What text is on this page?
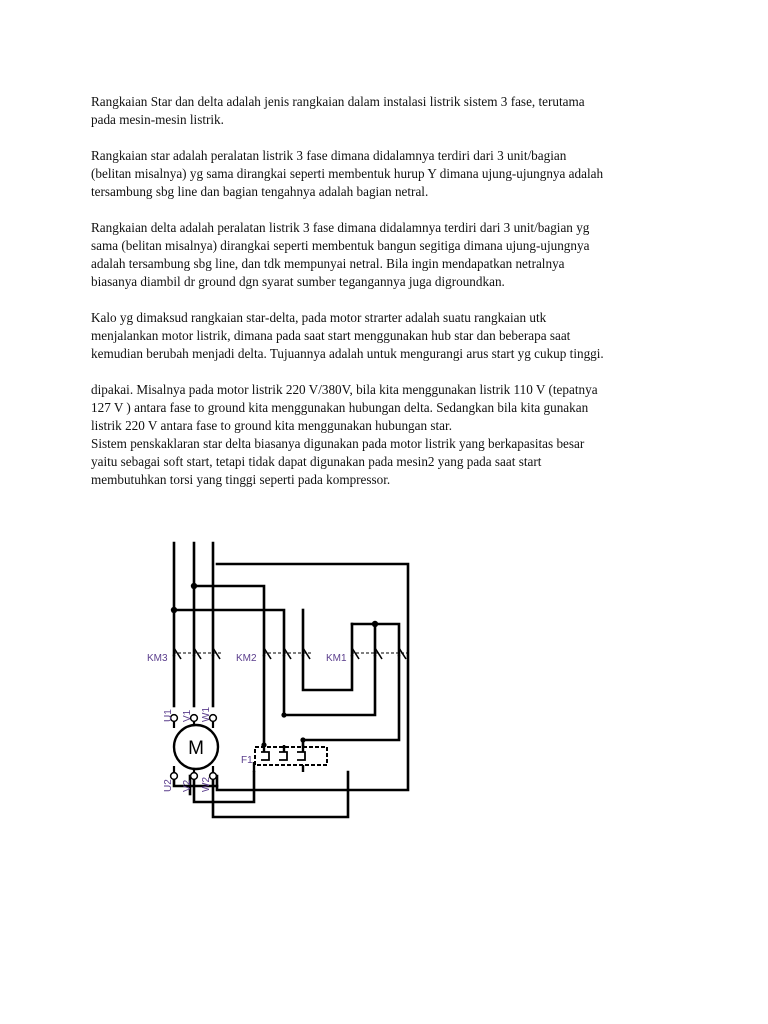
Rangkaian Star dan delta adalah jenis rangkaian dalam instalasi listrik sistem 3 fase, terutama
pada mesin-mesin listrik.

Rangkaian star adalah peralatan listrik 3 fase dimana didalamnya terdiri dari 3 unit/bagian
(belitan misalnya) yg sama dirangkai seperti membentuk hurup Y dimana ujung-ujungnya adalah
tersambung sbg line dan bagian tengahnya adalah bagian netral.

Rangkaian delta adalah peralatan listrik 3 fase dimana didalamnya terdiri dari 3 unit/bagian yg
sama (belitan misalnya) dirangkai seperti membentuk bangun segitiga dimana ujung-ujungnya
adalah tersambung sbg line, dan tdk mempunyai netral. Bila ingin mendapatkan netralnya
biasanya diambil dr ground dgn syarat sumber tegangannya juga digroundkan.

Kalo yg dimaksud rangkaian star-delta, pada motor strarter adalah suatu rangkaian utk
menjalankan motor listrik, dimana pada saat start menggunakan hub star dan beberapa saat
kemudian berubah menjadi delta. Tujuannya adalah untuk mengurangi arus start yg cukup tinggi.

dipakai. Misalnya pada motor listrik 220 V/380V, bila kita menggunakan listrik 110 V (tepatnya
127 V ) antara fase to ground kita menggunakan hubungan delta. Sedangkan bila kita gunakan
listrik 220 V antara fase to ground kita menggunakan hubungan star.

Sistem penskaklaran star delta biasanya digunakan pada motor listrik yang berkapasitas besar
yaitu sebagai soft start, tetapi tidak dapat digunakan pada mesin2 yang pada saat start
membutuhkan torsi yang tinggi seperti pada kompressor.

M
F1
KM3	KM2	KM1
U1 V1 W1
U2 V2 W2
